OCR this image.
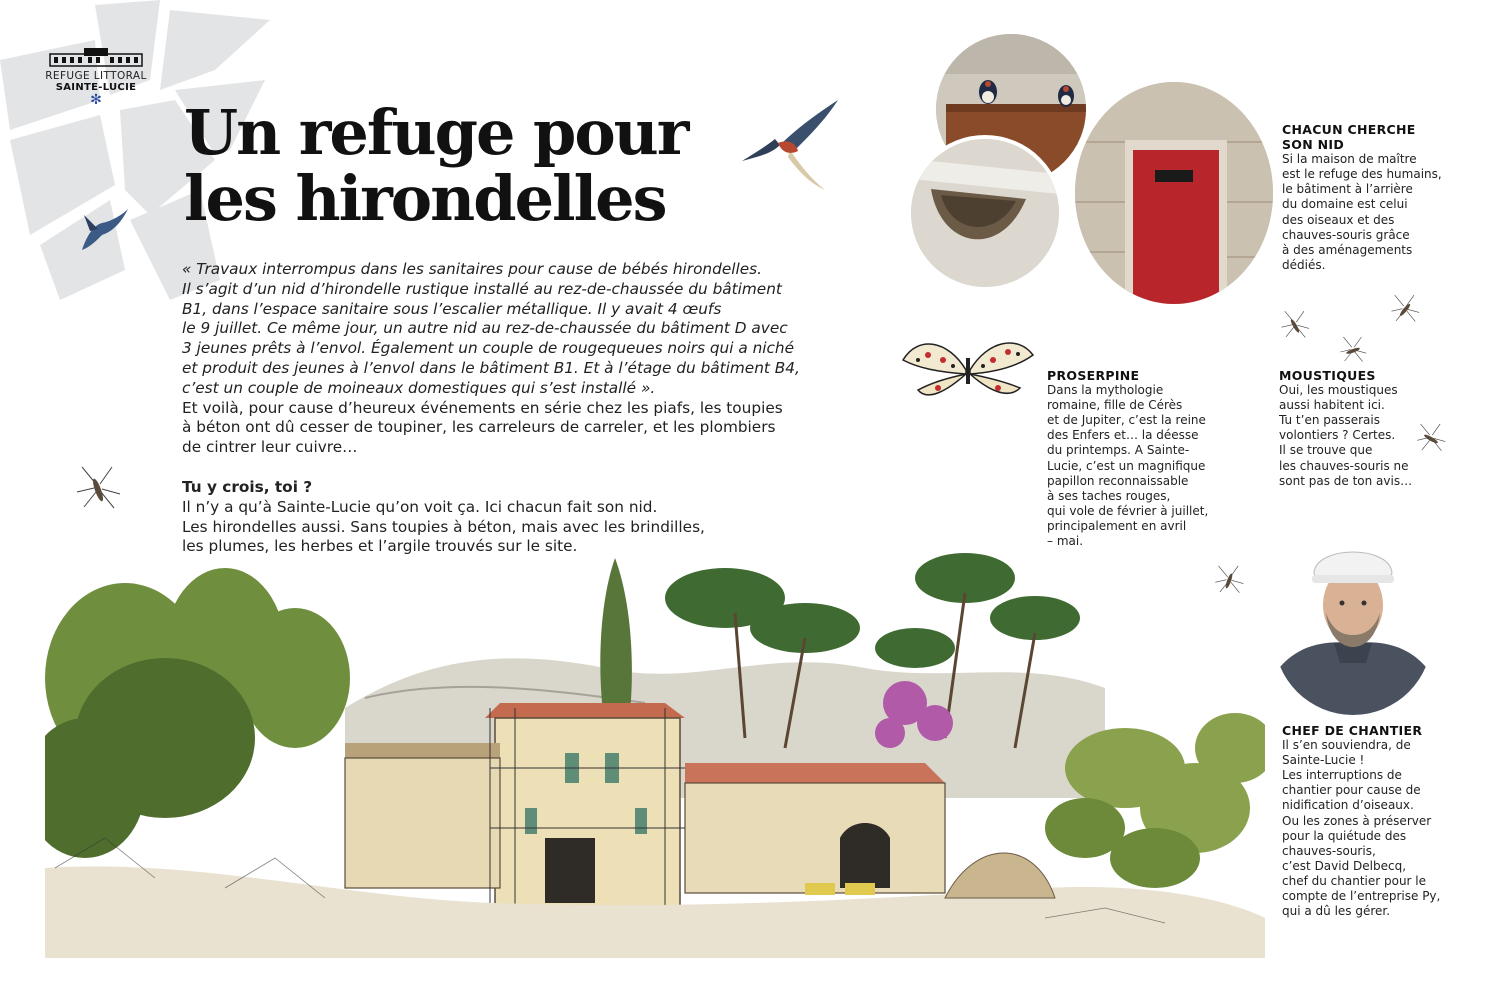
REFUGE LITTORAL
SAINTE-LUCIE
✻	Un refuge pour
les hirondelles
« Travaux interrompus dans les sanitaires pour cause de bébés hirondelles.
Il s’agit d’un nid d’hirondelle rustique installé au rez-de-chaussée du bâtiment
B1, dans l’espace sanitaire sous l’escalier métallique. Il y avait 4 œufs
le 9 juillet. Ce même jour, un autre nid au rez-de-chausséе du bâtiment D avec
3 jeunes prêts à l’envol. Également un couple de rougequeues noirs qui a niché
et produit des jeunes à l’envol dans le bâtiment B1. Et à l’étage du bâtiment B4,
c’est un couple de moineaux domestiques qui s’est installé ».
Et voilà, pour cause d’heureux événements en série chez les piafs, les toupies
à béton ont dû cesser de toupiner, les carreleurs de carreler, et les plombiers
de cintrer leur cuivre…
Tu y crois, toi ?
Il n’y a qu’à Sainte-Lucie qu’on voit ça. Ici chacun fait son nid.
Les hirondelles aussi. Sans toupies à béton, mais avec les brindilles,
les plumes, les herbes et l’argile trouvés sur le site.
CHACUN CHERCHE
SON NID
Si la maison de maître
est le refuge des humains,
le bâtiment à l’arrière
du domaine est celui
des oiseaux et des
chauves-souris grâce
à des aménagements
dédiés.
PROSERPINE
Dans la mythologie
romaine, fille de Cérès
et de Jupiter, c’est la reine
des Enfers et… la déesse
du printemps. A Sainte-
Lucie, c’est un magnifique
papillon reconnaissable
à ses taches rouges,
qui vole de février à juillet,
principalement en avril
– mai.
MOUSTIQUES
Oui, les moustiques
aussi habitent ici.
Tu t’en passerais
volontiers ? Certes.
Il se trouve que
les chauves-souris ne
sont pas de ton avis…
CHEF DE CHANTIER
Il s’en souviendra, de
Sainte-Lucie !
Les interruptions de
chantier pour cause de
nidification d’oiseaux.
Ou les zones à préserver
pour la quiétude des
chauves-souris,
c’est David Delbecq,
chef du chantier pour le
compte de l’entreprise Py,
qui a dû les gérer.
